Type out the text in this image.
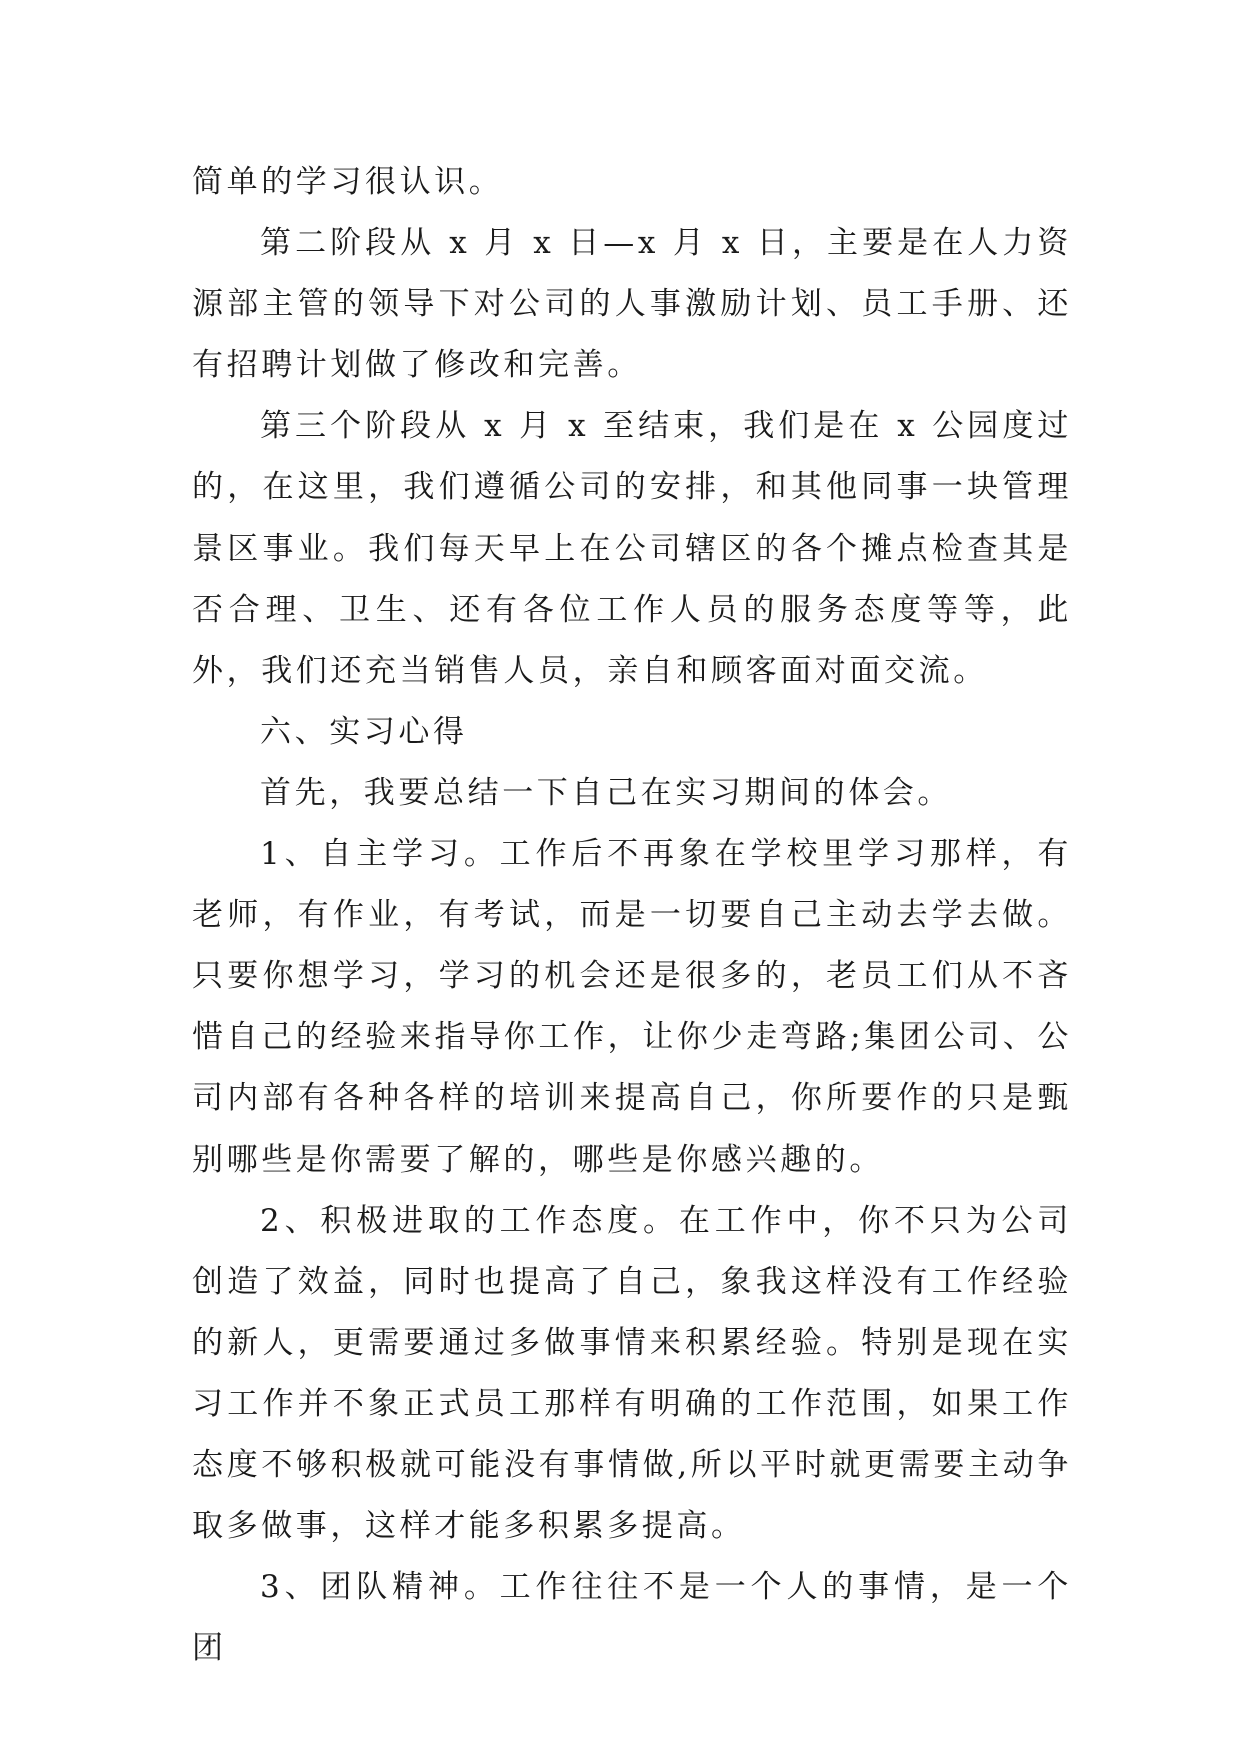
简单的学习很认识。

第二阶段从 x 月 x 日—x 月 x 日，主要是在人力资源部主管的领导下对公司的人事激励计划、员工手册、还有招聘计划做了修改和完善。

第三个阶段从 x 月 x 至结束，我们是在 x 公园度过的，在这里，我们遵循公司的安排，和其他同事一块管理景区事业。我们每天早上在公司辖区的各个摊点检查其是否合理、卫生、还有各位工作人员的服务态度等等，此外，我们还充当销售人员，亲自和顾客面对面交流。

六、实习心得

首先，我要总结一下自己在实习期间的体会。

1、自主学习。工作后不再象在学校里学习那样，有老师，有作业，有考试，而是一切要自己主动去学去做。只要你想学习，学习的机会还是很多的，老员工们从不吝惜自己的经验来指导你工作，让你少走弯路;集团公司、公司内部有各种各样的培训来提高自己，你所要作的只是甄别哪些是你需要了解的，哪些是你感兴趣的。

2、积极进取的工作态度。在工作中，你不只为公司创造了效益，同时也提高了自己，象我这样没有工作经验的新人，更需要通过多做事情来积累经验。特别是现在实习工作并不象正式员工那样有明确的工作范围，如果工作态度不够积极就可能没有事情做,所以平时就更需要主动争取多做事，这样才能多积累多提高。

3、团队精神。工作往往不是一个人的事情，是一个团
